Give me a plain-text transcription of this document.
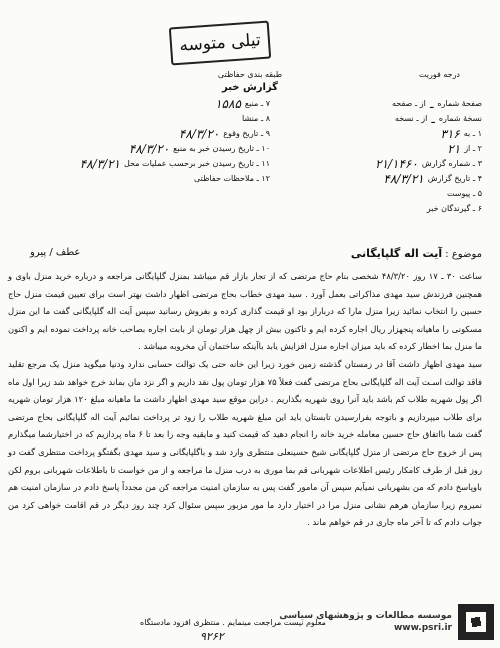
تیلی متوسه
درجه فوریت
طبقه بندی حفاظتی
گزارش خبر
صفحهٔ شماره
ـ
از ـ صفحه
نسخهٔ شماره
ـ
از ـ نسخه
۱ ـ به
۳۱۶
۲ ـ از
۲۱
۳ ـ شماره گزارش
۲۱/۱۴۶۰
۴ ـ تاریخ گزارش
۴۸/۳/۲۱
۵ ـ پیوست
۶ ـ گیرندگان خبر
۷ ـ منبع
۱۵۸۵
۸ ـ منشا
۹ ـ تاریخ وقوع
۴۸/۳/۲۰
۱۰ ـ تاریخ رسیدن خبر به منبع
۴۸/۳/۲۰
۱۱ ـ تاریخ رسیدن خبر برحسب عملیات محل
۴۸/۳/۲۱
۱۲ ـ ملاحظات حفاظتی
موضوع : آیت اله گلپایگانی
عطف / پیرو

ساعت ۳۰ ـ ۱۷ روز ۴۸/۳/۲۰ شخصی بنام حاج مرتضی که از تجار بازار قم میباشد بمنزل گلپایگانی مراجعه و درباره خرید منزل باوی و همچنین فرزندش سید مهدی مذاکراتی بعمل آورد . سید مهدی خطاب بحاج مرتضی اظهار داشت بهتر است برای تعیین قیمت منزل حاج حسین را انتخاب نمائید زیرا منزل مارا که درباراز بود او قیمت گذاری کرده و بفروش رسانید سپس آیت اله گلپایگانی گفت ما این منزل مسکونی را ماهیانه پنجهزار ریال اجاره کرده ایم و تاکنون بیش از چهل هزار تومان از بابت اجاره بصاحب خانه پرداخت نموده ایم و اکنون ما منزل بما اخطار کرده که باید میزان اجاره منزل افزایش یابد باآینکه ساختمان آن مخروبه میباشد .

سید مهدی اظهار داشت آقا در زمستان گذشته زمین خورد زیرا این خانه حتی یک توالت حسابی ندارد ودنیا میگوید منزل یک مرجع تقلید فاقد توالت اسـت آیت اله گلپایگانی بحاج مرتضی گفت فعلاً ۷۵ هزار تومان پول نقد داریم و اگر نزد مان بماند خرج خواهد شد زیرا اول ماه اگر پول شهریه طلاب کم باشد باید آنرا روی شهریه بگذاریم . دراین موقع سید مهدی اظهار داشت ما ماهیانه مبلغ ۱۲۰ هزار تومان شهریه برای طلاب میپردازیم و باتوجه بفرارسیدن تابستان باید این مبلغ شهریه طلاب را زود تر پرداخت نمائیم آیت اله گلپایگانی بحاج مرتضی گفت شما بااتفاق حاج حسین معامله خرید خانه را انجام دهید که قیمت کنید و مایقیه وجه را بعد تا ۶ ماه پردازیم که در اختیارشما میگذارم پس از خروج حاج مرتضی از منزل گلپایگانی شیخ حسینعلی منتظری وارد شد و باگلپایگانی و سید مهدی بگفتگو پرداخت منتظری گفت دو روز قبل از طرف کامکار رئیس اطلاعات شهربانی قم بما موری به درب منزل ما مراجعه و از من خواست تا باطلاعات شهربانی بروم لکن باوپاسخ دادم که من بشهربانی نمیآیم سپس آن مامور گفت پس به سازمان امنیت مراجعه کن من مجدداً پاسخ دادم در سازمان امنیت هم نمیروم زیرا سازمان هرهم نشانی منزل مرا در اختیار دارد ما مور مزبور سپس سئوال کرد چند روز دیگر در قم اقامت خواهی کرد من جواب دادم که تا آخر ماه جاری در قم خواهم ماند .

معلوم نیست مراجعت مینمایم . منتظری افزود مادستگاه
۹۲۶۲
موسسه مطالعات و پژوهشهای سیاسی
www.psri.ir
